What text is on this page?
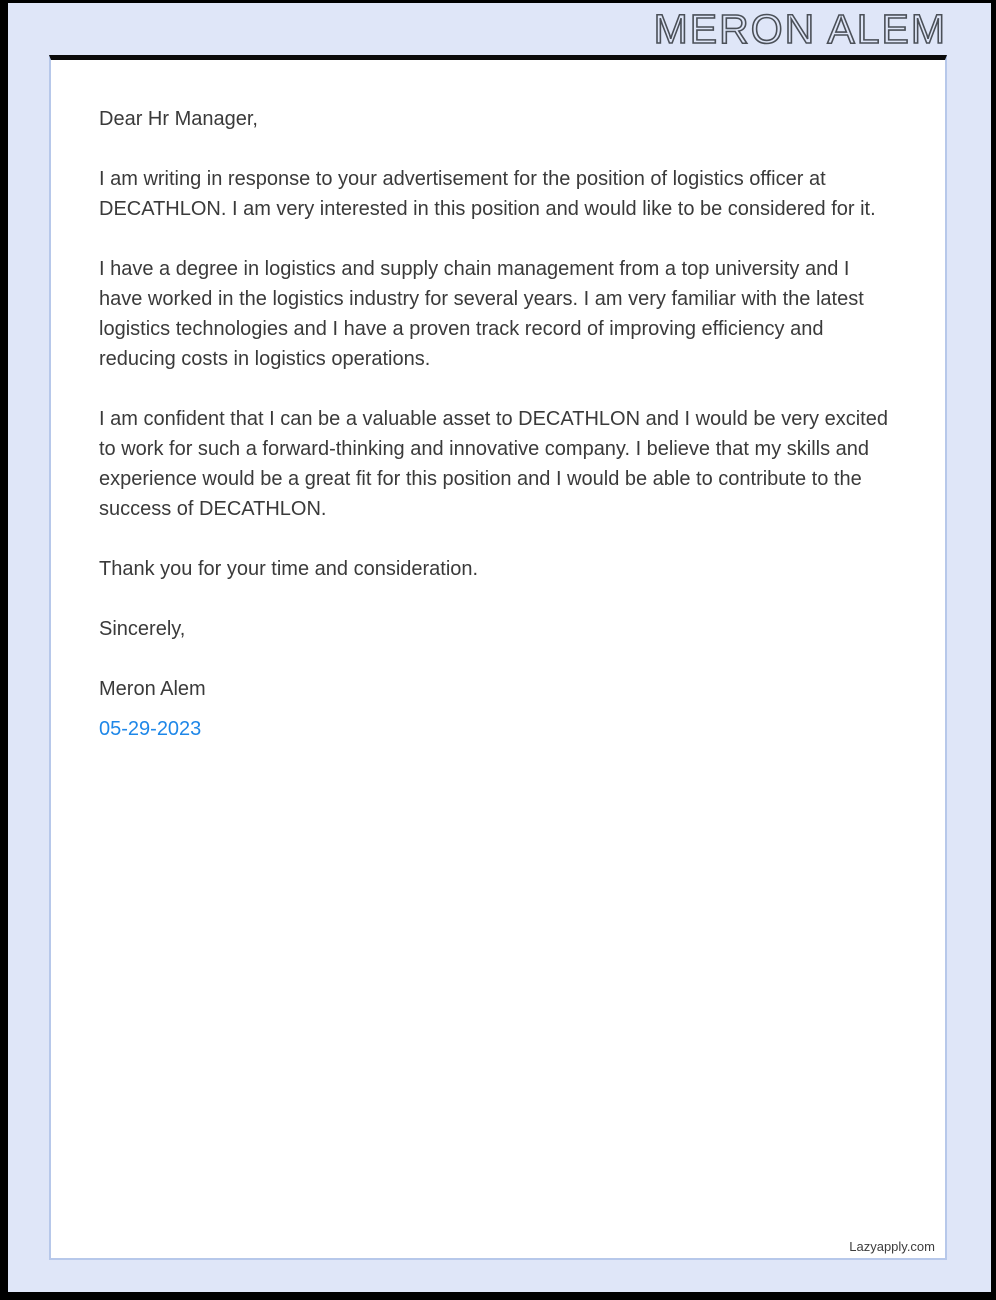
MERON ALEM

Dear Hr Manager,

I am writing in response to your advertisement for the position of logistics officer at DECATHLON. I am very interested in this position and would like to be considered for it.

I have a degree in logistics and supply chain management from a top university and I have worked in the logistics industry for several years. I am very familiar with the latest logistics technologies and I have a proven track record of improving efficiency and reducing costs in logistics operations.

I am confident that I can be a valuable asset to DECATHLON and I would be very excited to work for such a forward-thinking and innovative company. I believe that my skills and experience would be a great fit for this position and I would be able to contribute to the success of DECATHLON.

Thank you for your time and consideration.

Sincerely,

Meron Alem

05-29-2023

Lazyapply.com
